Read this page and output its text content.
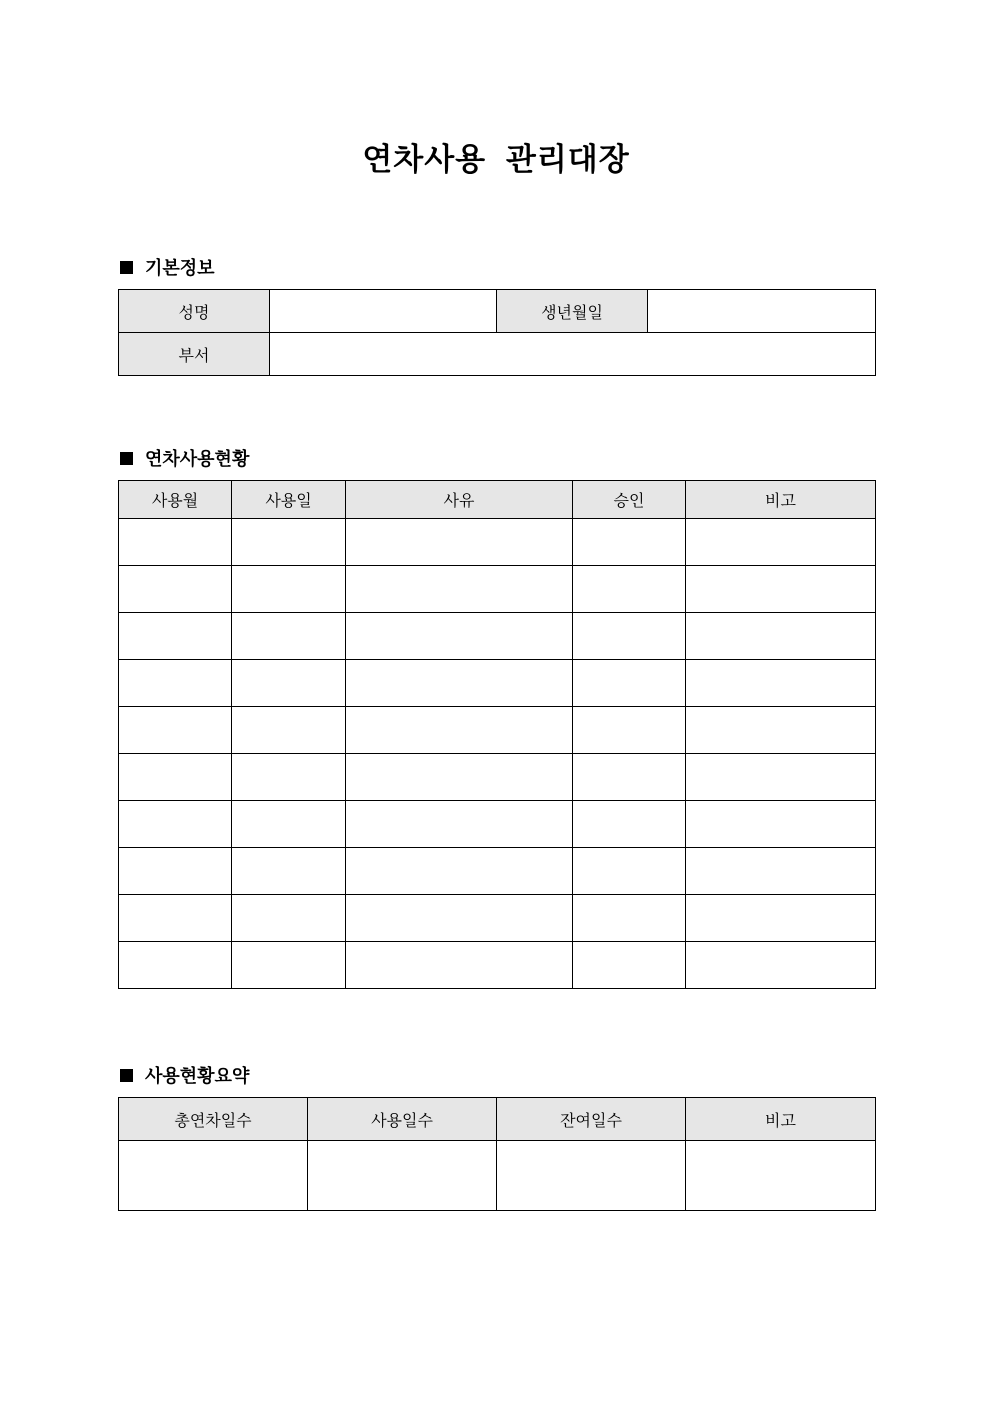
연차사용 관리대장
기본정보
성명		생년월일	
부서			
연차사용현황
사용월	사용일	사유	승인	비고

사용현황요약
총연차일수	사용일수	잔여일수	비고
